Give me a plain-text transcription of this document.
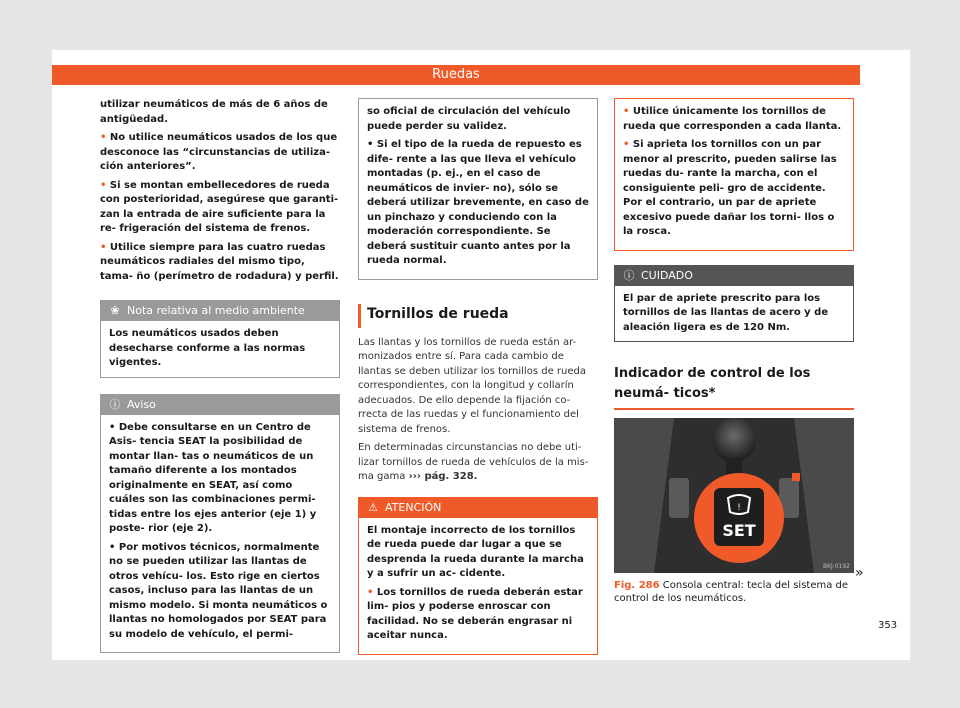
Ruedas

utilizar neumáticos de más de 6 años de antigüedad.

• No utilice neumáticos usados de los que desconoce las “circunstancias de utiliza- ción anteriores”.

• Si se montan embellecedores de rueda con posterioridad, asegúrese que garanti- zan la entrada de aire suficiente para la re- frigeración del sistema de frenos.

• Utilice siempre para las cuatro ruedas neumáticos radiales del mismo tipo, tama- ño (perímetro de rodadura) y perfil.

❀ Nota relativa al medio ambiente
Los neumáticos usados deben desecharse conforme a las normas vigentes.
ⓘ Aviso

• Debe consultarse en un Centro de Asis- tencia SEAT la posibilidad de montar llan- tas o neumáticos de un tamaño diferente a los montados originalmente en SEAT, así como cuáles son las combinaciones permi- tidas entre los ejes anterior (eje 1) y poste- rior (eje 2).

• Por motivos técnicos, normalmente no se pueden utilizar las llantas de otros vehícu- los. Esto rige en ciertos casos, incluso para las llantas de un mismo modelo. Si monta neumáticos o llantas no homologados por SEAT para su modelo de vehículo, el permi-

so oficial de circulación del vehículo puede perder su validez.

• Si el tipo de la rueda de repuesto es dife- rente a las que lleva el vehículo montadas (p. ej., en el caso de neumáticos de invier- no), sólo se deberá utilizar brevemente, en caso de un pinchazo y conduciendo con la moderación correspondiente. Se deberá sustituir cuanto antes por la rueda normal.

Tornillos de rueda

Las llantas y los tornillos de rueda están ar- monizados entre sí. Para cada cambio de llantas se deben utilizar los tornillos de rueda correspondientes, con la longitud y collarín adecuados. De ello depende la fijación co- rrecta de las ruedas y el funcionamiento del sistema de frenos.

En determinadas circunstancias no debe uti- lizar tornillos de rueda de vehículos de la mis- ma gama ››› pág. 328.

⚠ ATENCIÓN

El montaje incorrecto de los tornillos de rueda puede dar lugar a que se desprenda la rueda durante la marcha y a sufrir un ac- cidente.

• Los tornillos de rueda deberán estar lim- pios y poderse enroscar con facilidad. No se deberán engrasar ni aceitar nunca.

• Utilice únicamente los tornillos de rueda que corresponden a cada llanta.

• Si aprieta los tornillos con un par menor al prescrito, pueden salirse las ruedas du- rante la marcha, con el consiguiente peli- gro de accidente. Por el contrario, un par de apriete excesivo puede dañar los torni- llos o la rosca.

ⓘ CUIDADO
El par de apriete prescrito para los tornillos de las llantas de acero y de aleación ligera es de 120 Nm.
Indicador de control de los neumá- ticos*
!
SET
BKJ-0192
Fig. 286 Consola central: tecla del sistema de control de los neumáticos.
»
353
